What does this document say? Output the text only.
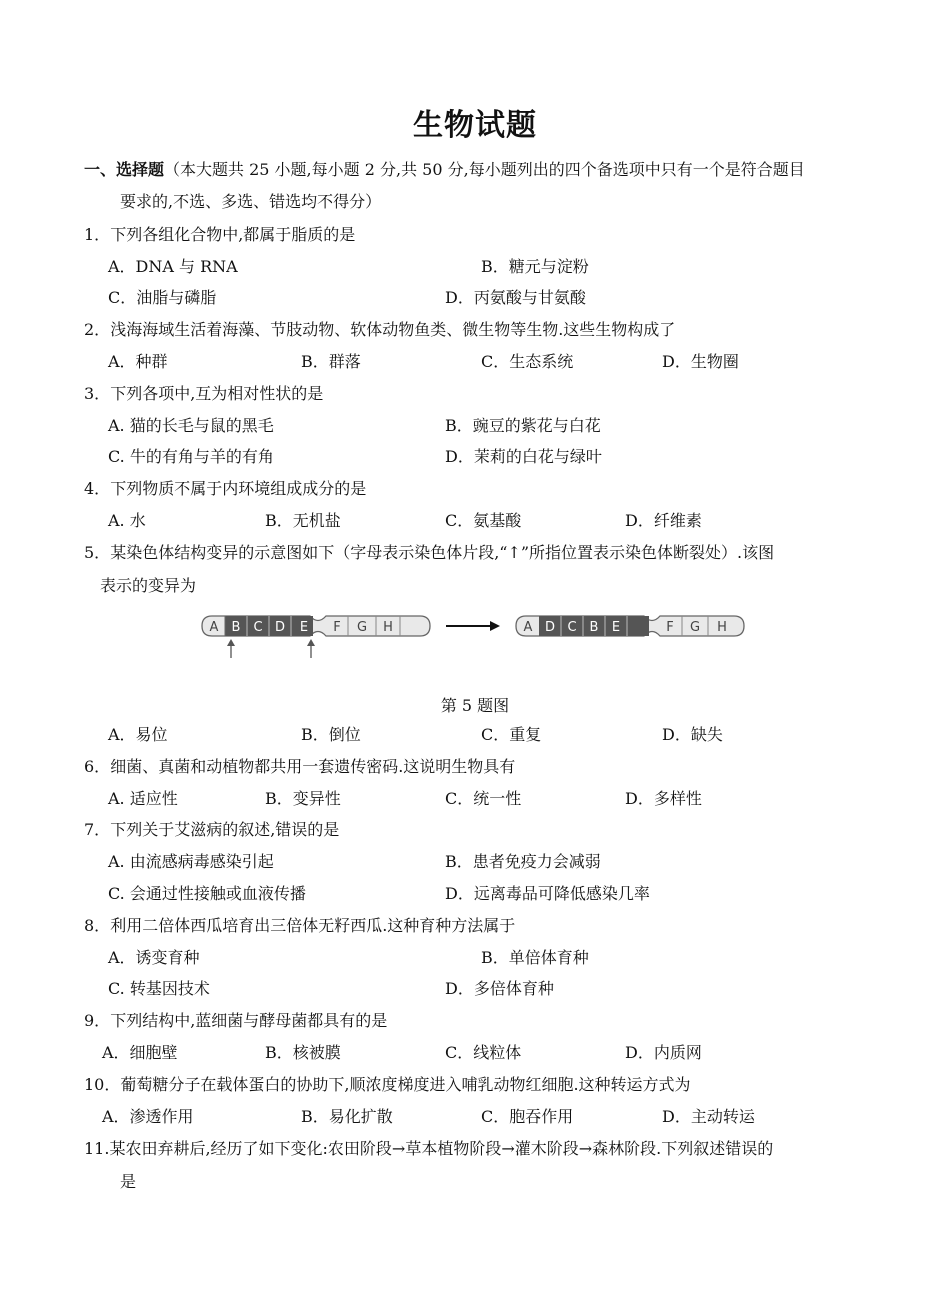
生物试题
一、选择题（本大题共 25 小题,每小题 2 分,共 50 分,每小题列出的四个备选项中只有一个是符合题目
要求的,不选、多选、错选均不得分）
1．下列各组化合物中,都属于脂质的是
A．DNA 与 RNA	B．糖元与淀粉
C．油脂与磷脂	D．丙氨酸与甘氨酸
2．浅海海域生活着海藻、节肢动物、软体动物鱼类、微生物等生物.这些生物构成了
A．种群	B．群落	C．生态系统	D．生物圈
3．下列各项中,互为相对性状的是
A. 猫的长毛与鼠的黑毛	B．豌豆的紫花与白花
C. 牛的有角与羊的有角	D．茉莉的白花与绿叶
4．下列物质不属于内环境组成成分的是
A. 水	B．无机盐	C．氨基酸	D．纤维素
5．某染色体结构变异的示意图如下（字母表示染色体片段,“↑”所指位置表示染色体断裂处）.该图
表示的变异为
A B C D E F G H	A D C B E	F G H
第 5 题图
A．易位	B．倒位	C．重复	D．缺失
6．细菌、真菌和动植物都共用一套遗传密码.这说明生物具有
A. 适应性	B．变异性	C．统一性	D．多样性
7．下列关于艾滋病的叙述,错误的是
A. 由流感病毒感染引起	B．患者免疫力会减弱
C. 会通过性接触或血液传播	D．远离毒品可降低感染几率
8．利用二倍体西瓜培育出三倍体无籽西瓜.这种育种方法属于
A．诱变育种	B．单倍体育种
C. 转基因技术	D．多倍体育种
9．下列结构中,蓝细菌与酵母菌都具有的是
A．细胞壁	B．核被膜	C．线粒体	D．内质网
10．葡萄糖分子在载体蛋白的协助下,顺浓度梯度进入哺乳动物红细胞.这种转运方式为
A．渗透作用	B．易化扩散	C．胞吞作用	D．主动转运
11.某农田弃耕后,经历了如下变化:农田阶段→草本植物阶段→灌木阶段→森林阶段.下列叙述错误的
是
